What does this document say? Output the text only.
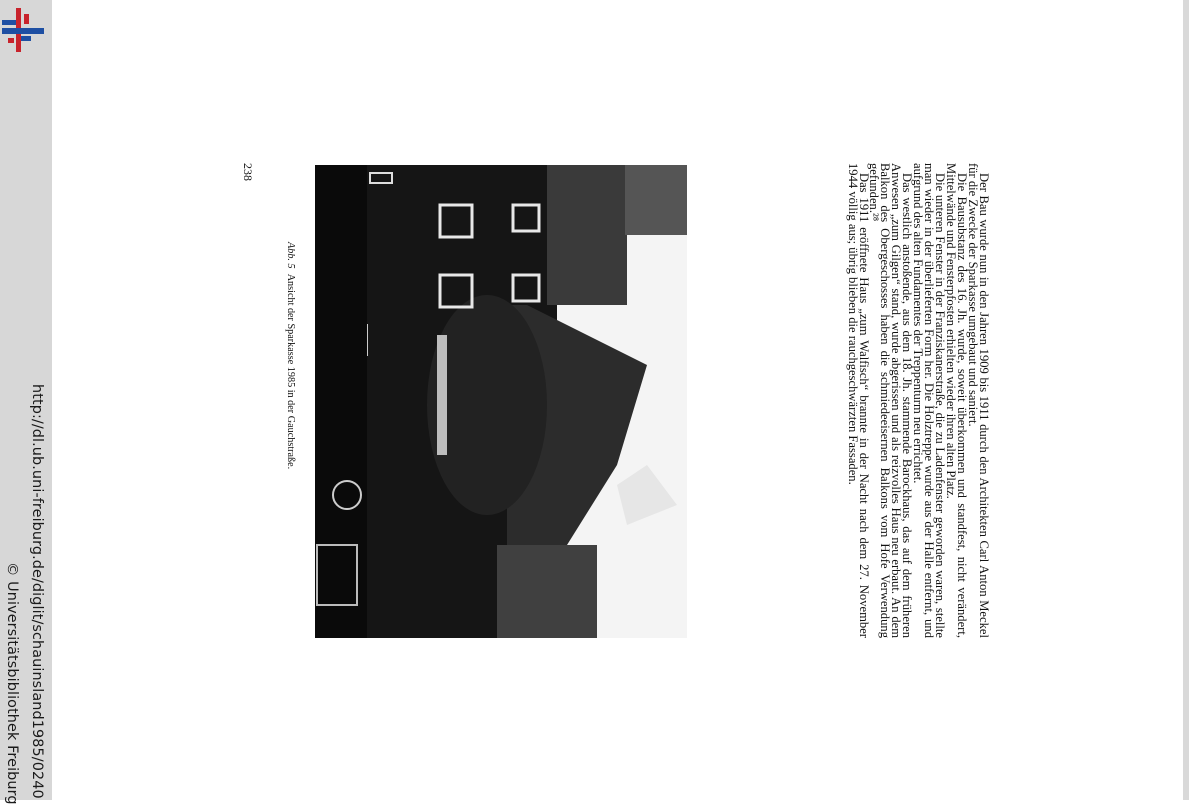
http://dl.ub.uni-freiburg.de/diglit/schauinsland1985/0240
© Universitätsbibliothek Freiburg

Der Bau wurde nun in den Jahren 1909 bis 1911 durch den Architekten Carl Anton Meckel für die Zwecke der Sparkasse umgebaut und saniert.

Die Bausubstanz des 16. Jh. wurde, soweit überkommen und standfest, nicht verändert, Mittelwände und Fensterpfosten erhielten wieder ihren alten Platz.

Die unteren Fenster in der Franziskanerstraße, die zu Ladenfenster geworden waren, stellte man wieder in der überlieferten Form her. Die Holztreppe wurde aus der Halle entfernt, und aufgrund des alten Fundamentes der Treppenturm neu errichtet.

Das westlich anstoßende, aus dem 18. Jh. stammende Barockhaus, das auf dem früheren Anwesen „zum Gilgen“ stand, wurde abgerissen und als reizvolles Haus neu erbaut. An dem Balkon des Obergeschosses haben die schmiedeeisernen Balkons vom Hofe Verwendung gefunden.²⁸

Das 1911 eröffnete Haus „zum Walfisch“ brannte in der Nacht nach dem 27. November 1944 völlig aus; übrig blieben die rauchgeschwärzten Fassaden.

Abb. 5  Ansicht der Sparkasse 1985 in der Gauchstraße.
238
